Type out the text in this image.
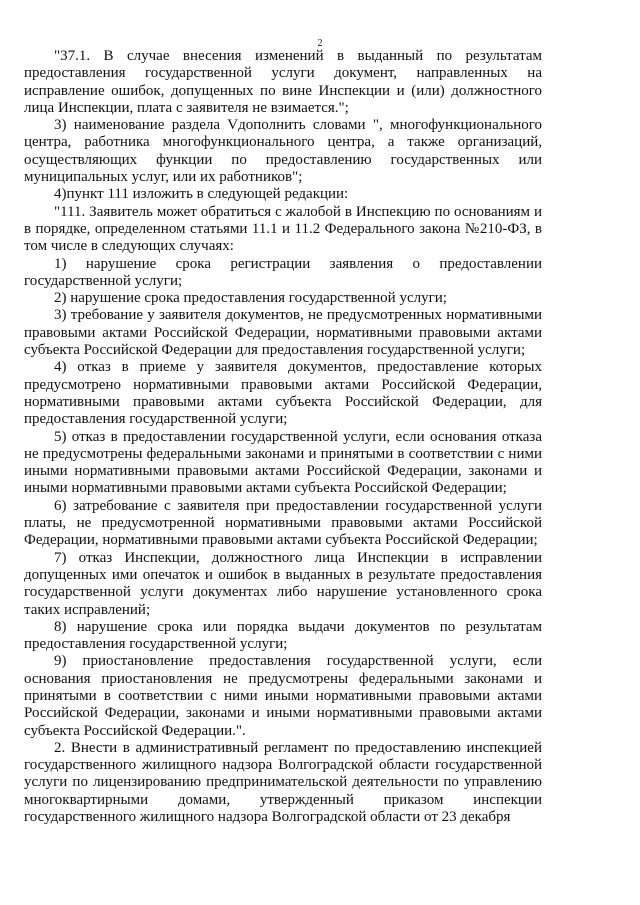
2

"37.1. В случае внесения изменений в выданный по результатам предоставления государственной услуги документ, направленных на исправление ошибок, допущенных по вине Инспекции и (или) должностного лица Инспекции, плата с заявителя не взимается.";

3) наименование раздела Vдополнить словами ", многофункционального центра, работника многофункционального центра, а также организаций, осуществляющих функции по предоставлению государственных или муниципальных услуг, или их работников";

4)пункт 111 изложить в следующей редакции:

"111. Заявитель может обратиться с жалобой в Инспекцию по основаниям и в порядке, определенном статьями 11.1 и 11.2 Федерального закона №210-ФЗ, в том числе в следующих случаях:

1) нарушение срока регистрации заявления о предоставлении государственной услуги;

2) нарушение срока предоставления государственной услуги;

3) требование у заявителя документов, не предусмотренных нормативными правовыми актами Российской Федерации, нормативными правовыми актами субъекта Российской Федерации для предоставления государственной услуги;

4) отказ в приеме у заявителя документов, предоставление которых предусмотрено нормативными правовыми актами Российской Федерации, нормативными правовыми актами субъекта Российской Федерации, для предоставления государственной услуги;

5) отказ в предоставлении государственной услуги, если основания отказа не предусмотрены федеральными законами и принятыми в соответствии с ними иными нормативными правовыми актами Российской Федерации, законами и иными нормативными правовыми актами субъекта Российской Федерации;

6) затребование с заявителя при предоставлении государственной услуги платы, не предусмотренной нормативными правовыми актами Российской Федерации, нормативными правовыми актами субъекта Российской Федерации;

7) отказ Инспекции, должностного лица Инспекции в исправлении допущенных ими опечаток и ошибок в выданных в результате предоставления государственной услуги документах либо нарушение установленного срока таких исправлений;

8) нарушение срока или порядка выдачи документов по результатам предоставления государственной услуги;

9) приостановление предоставления государственной услуги, если основания приостановления не предусмотрены федеральными законами и принятыми в соответствии с ними иными нормативными правовыми актами Российской Федерации, законами и иными нормативными правовыми актами субъекта Российской Федерации.".

2. Внести в административный регламент по предоставлению инспекцией государственного жилищного надзора Волгоградской области государственной услуги по лицензированию предпринимательской деятельности по управлению многоквартирными домами, утвержденный приказом инспекции государственного жилищного надзора Волгоградской области от 23 декабря
